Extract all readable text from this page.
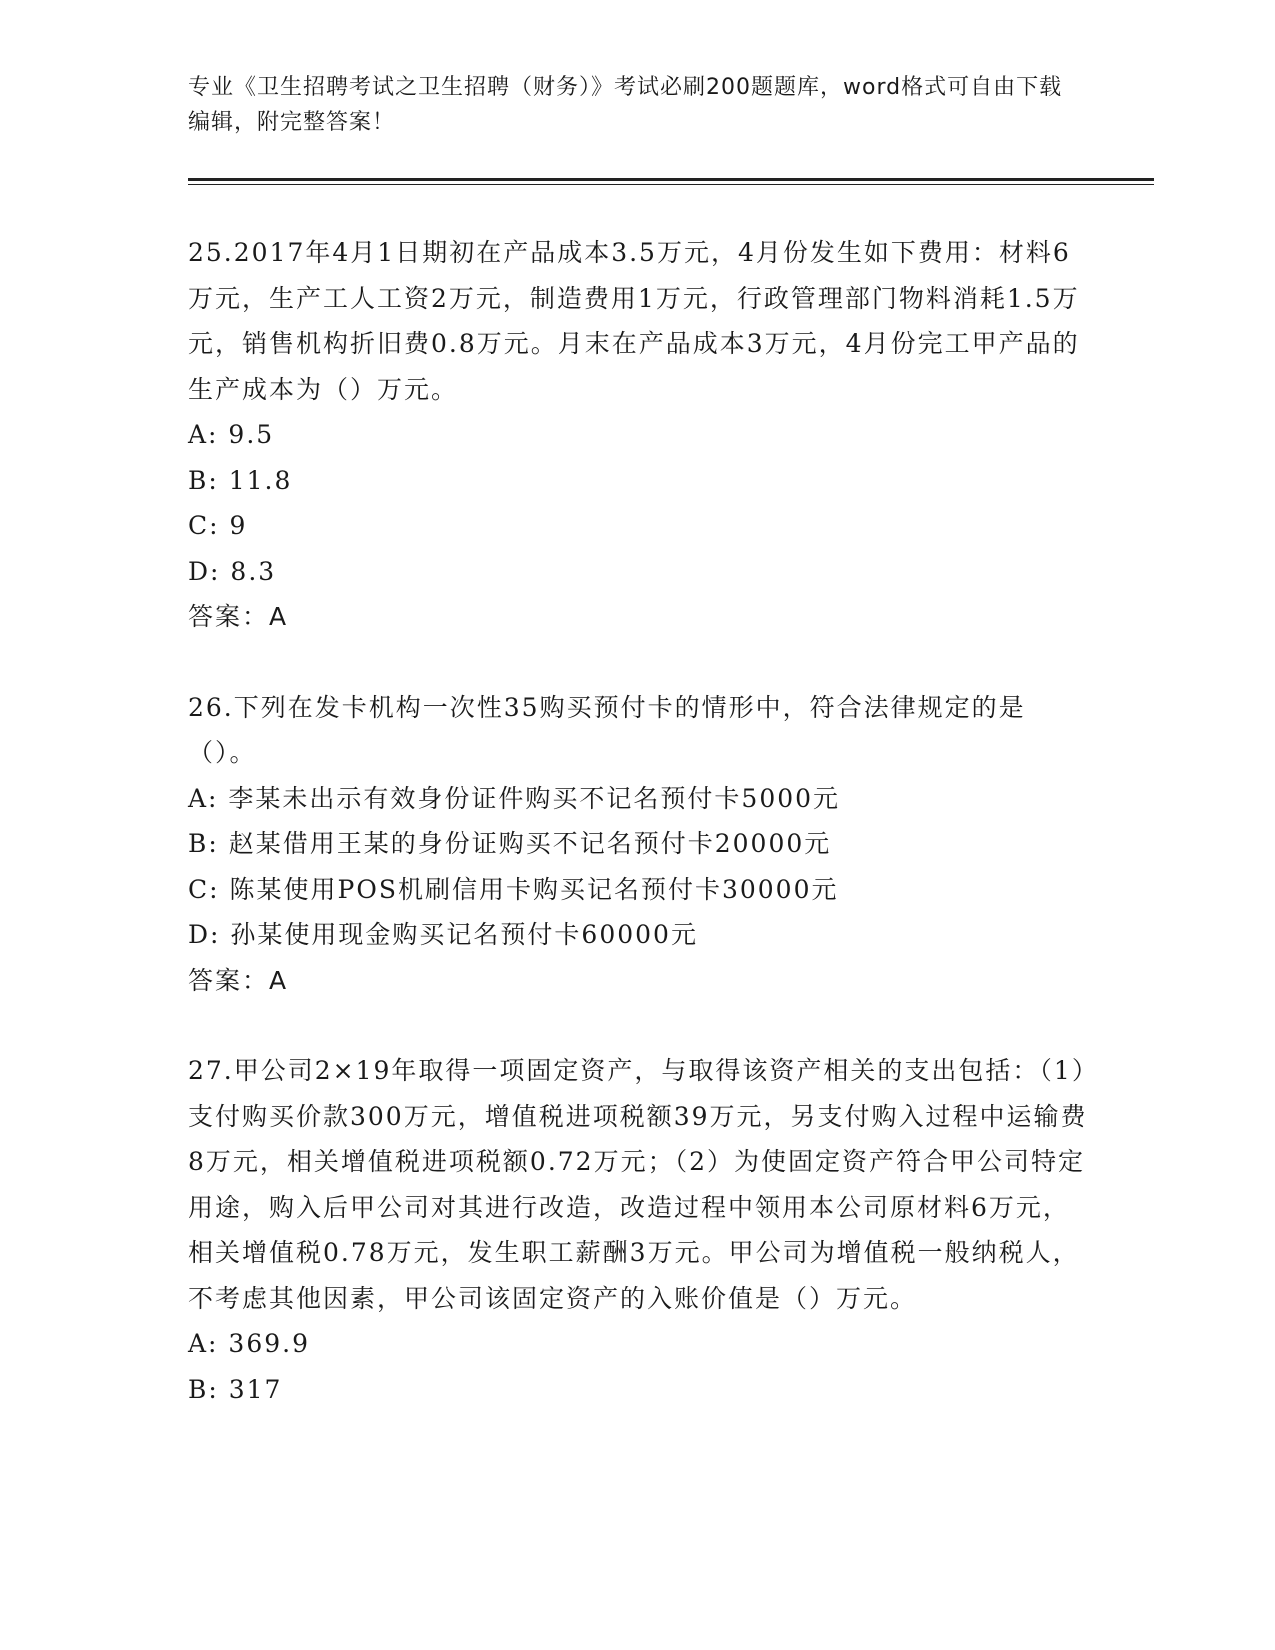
专业《卫生招聘考试之卫生招聘（财务）》考试必刷200题题库，word格式可自由下载编辑，附完整答案！
25.2017年4月1日期初在产品成本3.5万元，4月份发生如下费用：材料6万元，生产工人工资2万元，制造费用1万元，行政管理部门物料消耗1.5万元，销售机构折旧费0.8万元。月末在产品成本3万元，4月份完工甲产品的生产成本为（）万元。
A: 9.5
B: 11.8
C: 9
D: 8.3
答案：A
26.下列在发卡机构一次性35购买预付卡的情形中，符合法律规定的是（）。
A: 李某未出示有效身份证件购买不记名预付卡5000元
B: 赵某借用王某的身份证购买不记名预付卡20000元
C: 陈某使用POS机刷信用卡购买记名预付卡30000元
D: 孙某使用现金购买记名预付卡60000元
答案：A
27.甲公司2×19年取得一项固定资产，与取得该资产相关的支出包括：（1）支付购买价款300万元，增值税进项税额39万元，另支付购入过程中运输费8万元，相关增值税进项税额0.72万元；（2）为使固定资产符合甲公司特定用途，购入后甲公司对其进行改造，改造过程中领用本公司原材料6万元，相关增值税0.78万元，发生职工薪酬3万元。甲公司为增值税一般纳税人，不考虑其他因素，甲公司该固定资产的入账价值是（）万元。
A: 369.9
B: 317
